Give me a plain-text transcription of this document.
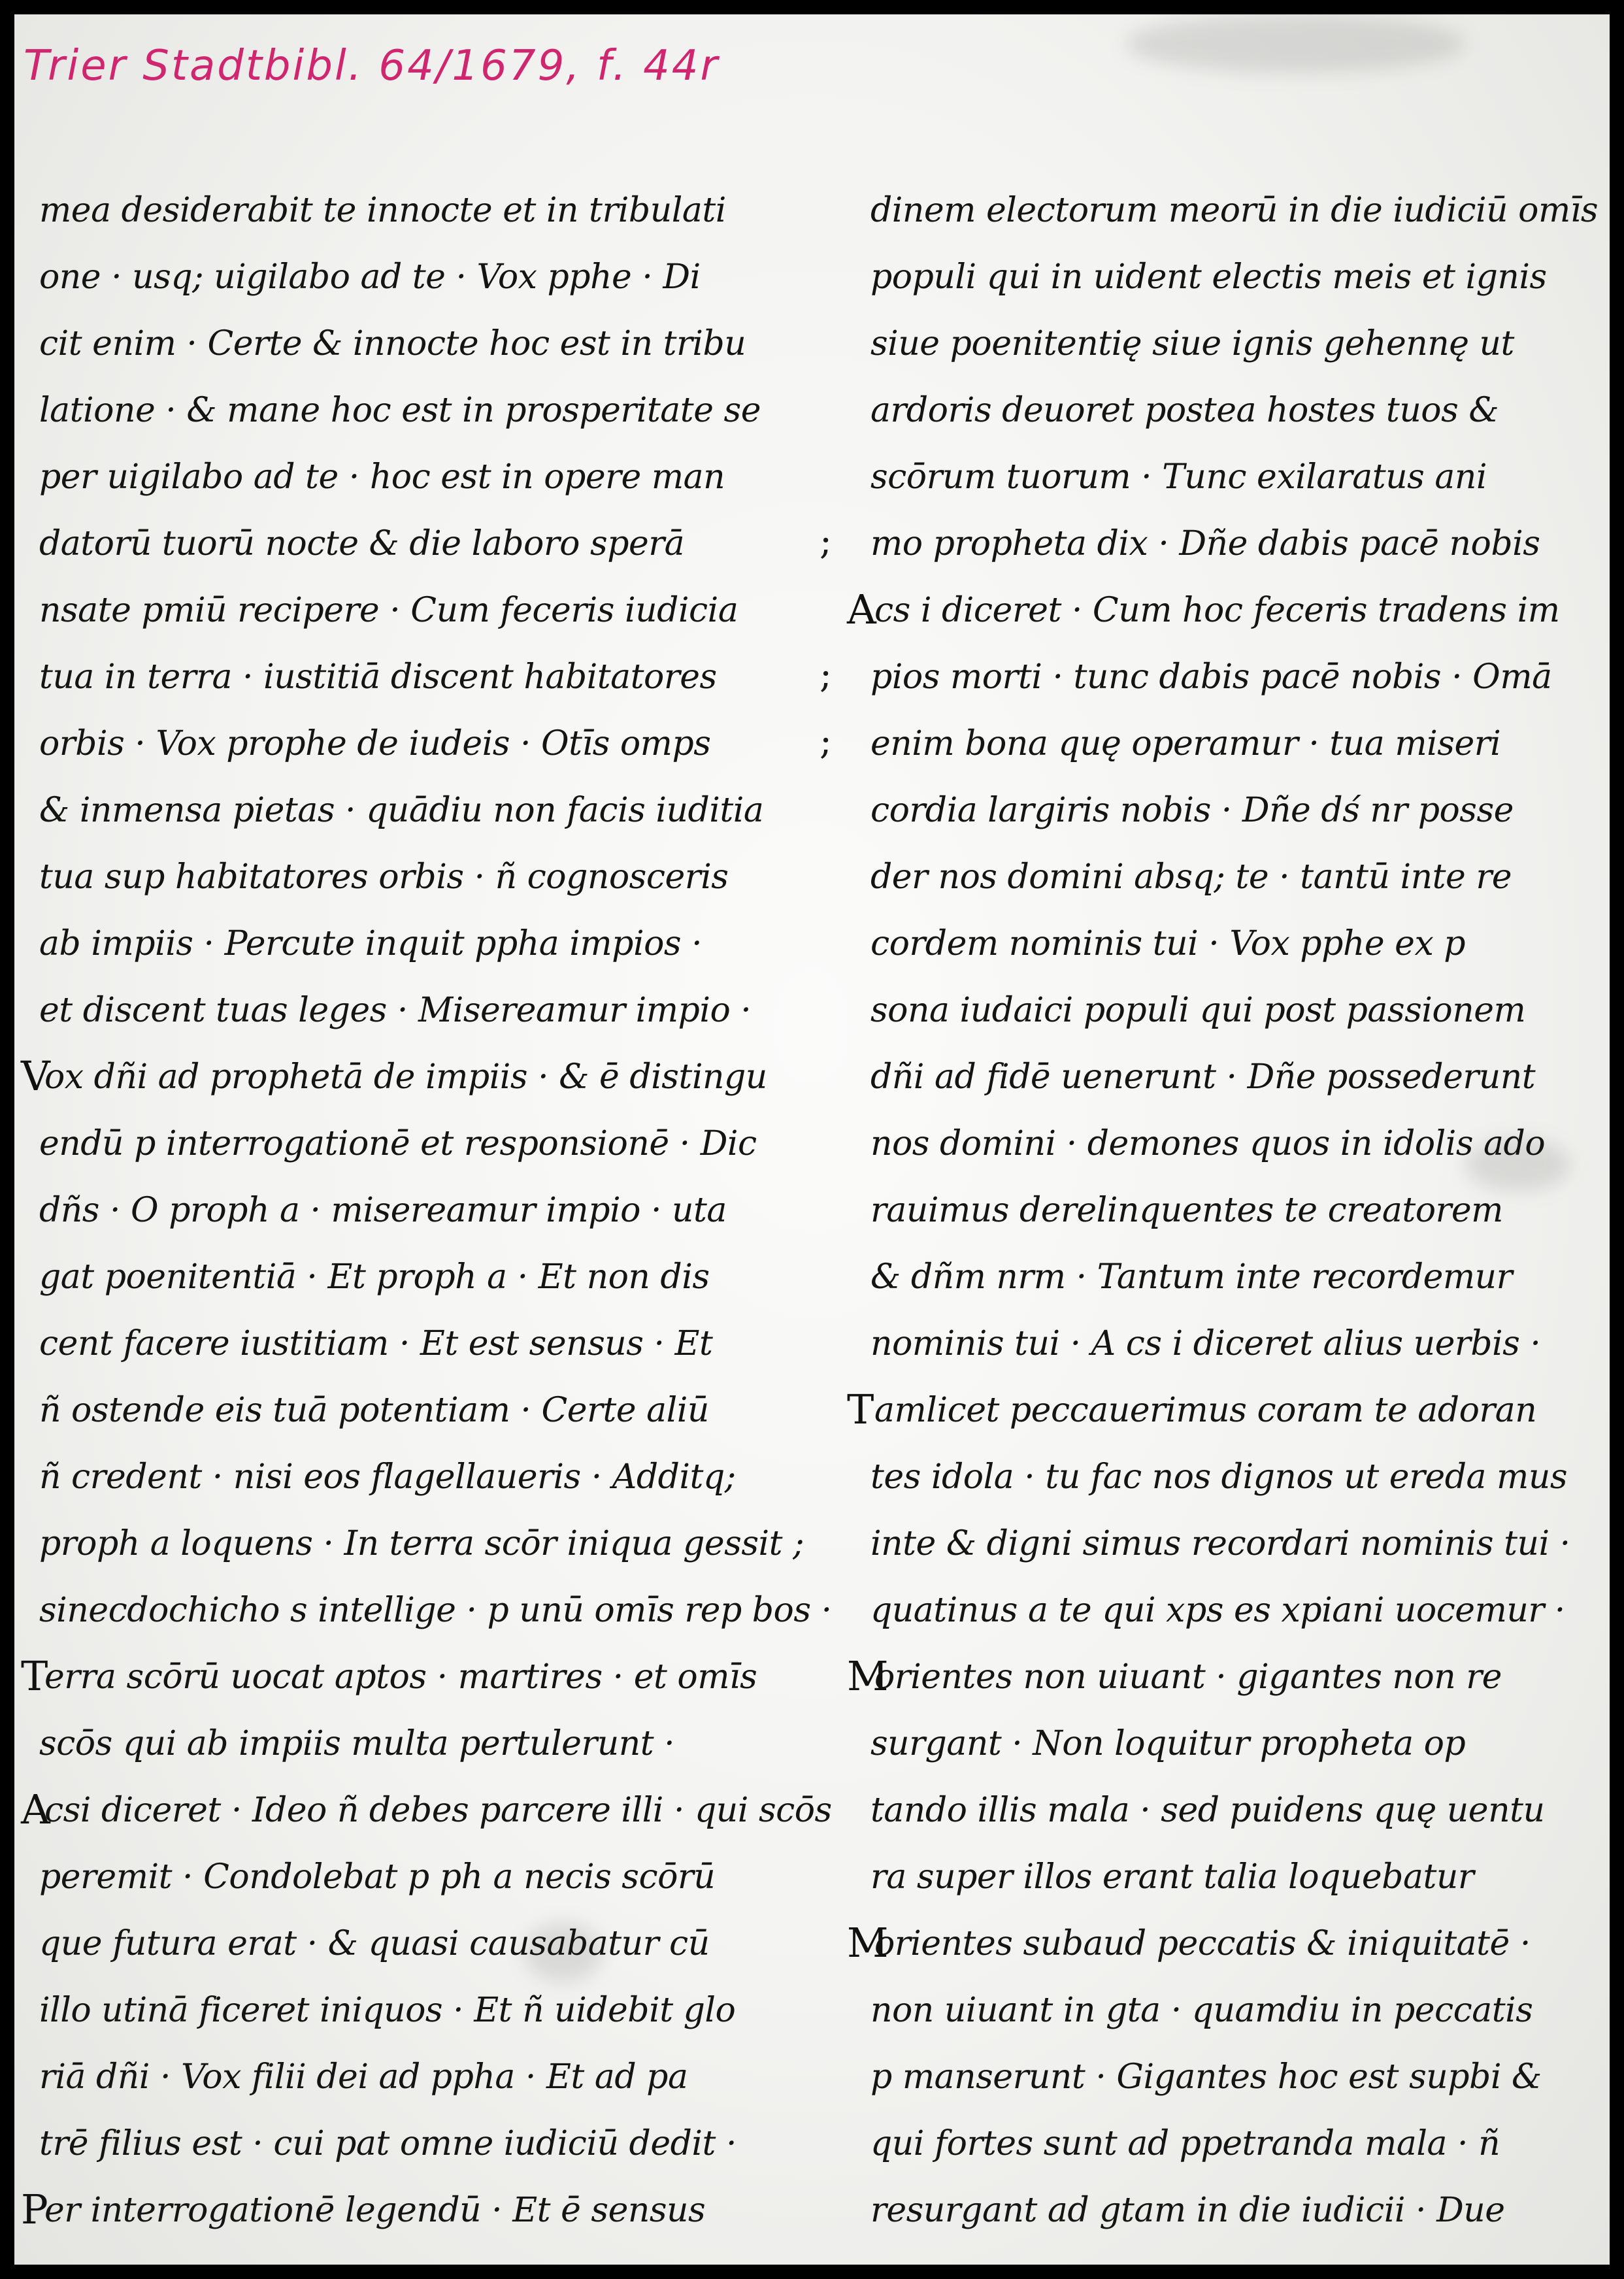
Trier Stadtbibl. 64/1679, f. 44r
mea desiderabit te innocte et in tribulati
one · usq; uigilabo ad te · Vox pphe · Di
cit enim · Certe & innocte hoc est in tribu
latione · & mane hoc est in prosperitate se
per uigilabo ad te · hoc est in opere man
datorū tuorū nocte & die laboro sperā
nsate pmiū recipere · Cum feceris iudicia
tua in terra · iustitiā discent habitatores
orbis · Vox prophe de iudeis · Otīs omps
& inmensa pietas · quādiu non facis iuditia
tua sup habitatores orbis · ñ cognosceris
ab impiis · Percute inquit ppha impios ·
et discent tuas leges · Misereamur impio ·
ox dñi ad prophetā de impiis · & ē distingu
V
endū p interrogationē et responsionē · Dic
dñs · O proph a · misereamur impio · uta
gat poenitentiā · Et proph a · Et non dis
cent facere iustitiam · Et est sensus · Et
ñ ostende eis tuā potentiam · Certe aliū
ñ credent · nisi eos flagellaueris · Additq;
proph a loquens · In terra scōr iniqua gessit ;
sinecdochicho s intellige · p unū omīs rep bos ·
erra scōrū uocat aptos · martires · et omīs
T
scōs qui ab impiis multa pertulerunt ·
csi diceret · Ideo ñ debes parcere illi · qui scōs
A
peremit · Condolebat p ph a necis scōrū
que futura erat · & quasi causabatur cū
illo utinā ficeret iniquos · Et ñ uidebit glo
riā dñi · Vox filii dei ad ppha · Et ad pa
trē filius est · cui pat omne iudiciū dedit ·
er interrogationē legendū · Et ē sensus
P
dinem electorum meorū in die iudiciū omīs
populi qui in uident electis meis et ignis
siue poenitentię siue ignis gehennę ut
ardoris deuoret postea hostes tuos &
scōrum tuorum · Tunc exilaratus ani
mo propheta dix · Dñe dabis pacē nobis
cs i diceret · Cum hoc feceris tradens im
A
pios morti · tunc dabis pacē nobis · Omā
enim bona quę operamur · tua miseri
cordia largiris nobis · Dñe dś nr posse
der nos domini absq; te · tantū inte re
cordem nominis tui · Vox pphe ex p
sona iudaici populi qui post passionem
dñi ad fidē uenerunt · Dñe possederunt
nos domini · demones quos in idolis ado
rauimus derelinquentes te creatorem
& dñm nrm · Tantum inte recordemur
nominis tui · A cs i diceret alius uerbis ·
amlicet peccauerimus coram te adoran
T
tes idola · tu fac nos dignos ut ereda mus
inte & digni simus recordari nominis tui ·
quatinus a te qui xps es xpiani uocemur ·
orientes non uiuant · gigantes non re
M
surgant · Non loquitur propheta op
tando illis mala · sed puidens quę uentu
ra super illos erant talia loquebatur
orientes subaud peccatis & iniquitatē ·
M
non uiuant in gta · quamdiu in peccatis
p manserunt · Gigantes hoc est supbi &
qui fortes sunt ad ppetranda mala · ñ
resurgant ad gtam in die iudicii · Due
;
;
;
